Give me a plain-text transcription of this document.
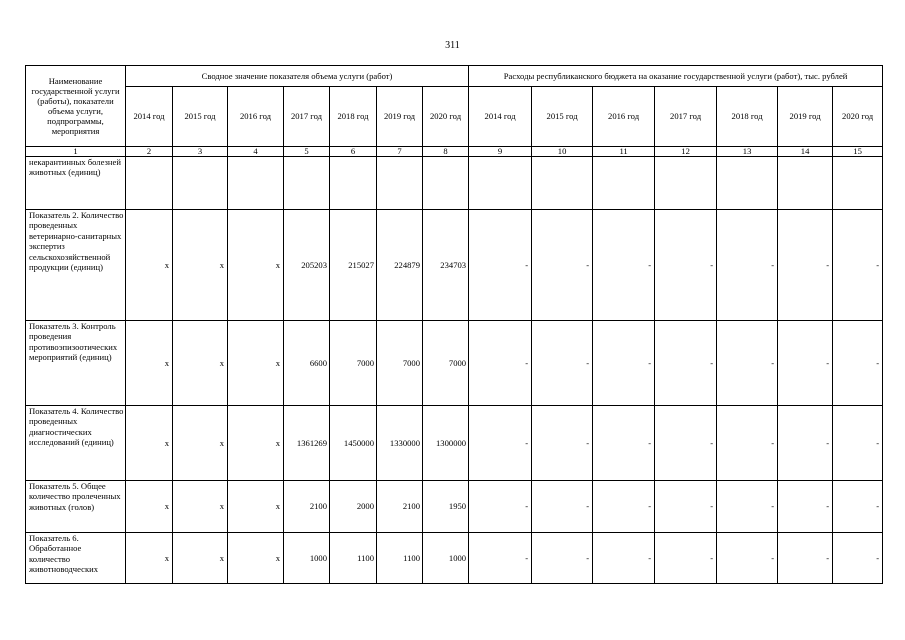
311
Наименование государственной услуги (работы), показатели объема услуги, подпрограммы, мероприятия	Сводное значение показателя объема услуги (работ)							Расходы республиканского бюджета на оказание государственной услуги (работ), тыс. рублей						
	2014 год	2015 год	2016 год	2017 год	2018 год	2019 год	2020 год	2014 год	2015 год	2016 год	2017 год	2018 год	2019 год	2020 год
1	2	3	4	5	6	7	8	9	10	11	12	13	14	15
некарантинных болезней животных (единиц)														
Показатель 2. Количество проведенных ветеринарно-санитарных экспертиз сельскохозяйственной продукции (единиц)	х	х	х	205203	215027	224879	234703	-	-	-	-	-	-	-
Показатель 3. Контроль проведения противоэпизоотических мероприятий (единиц)	х	х	х	6600	7000	7000	7000	-	-	-	-	-	-	-
Показатель 4. Количество проведенных диагностических исследований (единиц)	х	х	х	1361269	1450000	1330000	1300000	-	-	-	-	-	-	-
Показатель 5. Общее количество пролеченных животных (голов)	х	х	х	2100	2000	2100	1950	-	-	-	-	-	-	-
Показатель 6. Обработанное количество животноводческих	х	х	х	1000	1100	1100	1000	-	-	-	-	-	-	-
